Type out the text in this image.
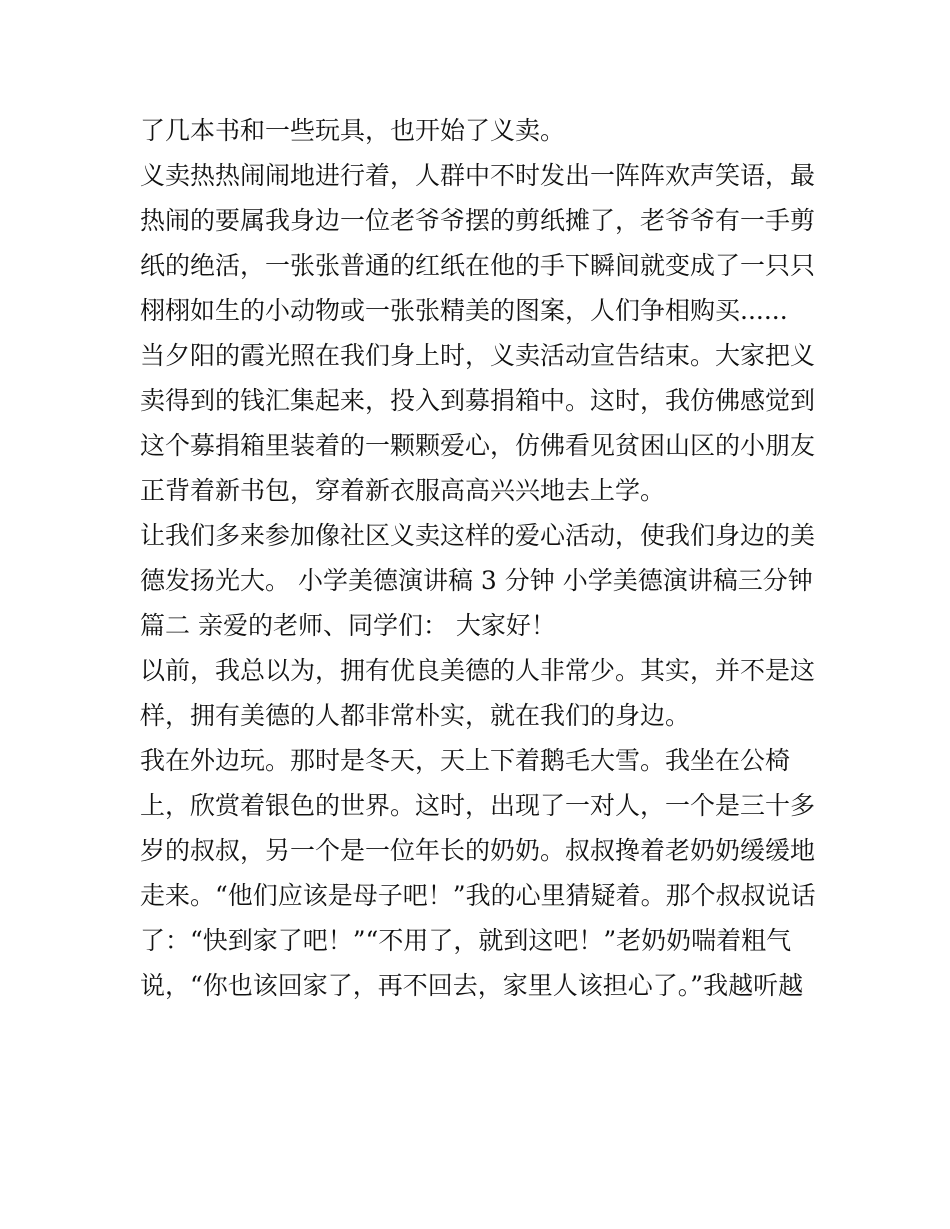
了几本书和一些玩具，也开始了义卖。
义卖热热闹闹地进行着，人群中不时发出一阵阵欢声笑语，最
热闹的要属我身边一位老爷爷摆的剪纸摊了，老爷爷有一手剪
纸的绝活，一张张普通的红纸在他的手下瞬间就变成了一只只
栩栩如生的小动物或一张张精美的图案，人们争相购买......
当夕阳的霞光照在我们身上时，义卖活动宣告结束。大家把义
卖得到的钱汇集起来，投入到募捐箱中。这时，我仿佛感觉到
这个募捐箱里装着的一颗颗爱心，仿佛看见贫困山区的小朋友
正背着新书包，穿着新衣服高高兴兴地去上学。
让我们多来参加像社区义卖这样的爱心活动，使我们身边的美
德发扬光大。 小学美德演讲稿 3 分钟 小学美德演讲稿三分钟
篇二 亲爱的老师、同学们： 大家好！
以前，我总以为，拥有优良美德的人非常少。其实，并不是这
样，拥有美德的人都非常朴实，就在我们的身边。
我在外边玩。那时是冬天，天上下着鹅毛大雪。我坐在公椅
上，欣赏着银色的世界。这时，出现了一对人，一个是三十多
岁的叔叔，另一个是一位年长的奶奶。叔叔搀着老奶奶缓缓地
走来。“他们应该是母子吧！”我的心里猜疑着。那个叔叔说话
了：“快到家了吧！”“不用了，就到这吧！”老奶奶喘着粗气
说，“你也该回家了，再不回去，家里人该担心了。”我越听越
